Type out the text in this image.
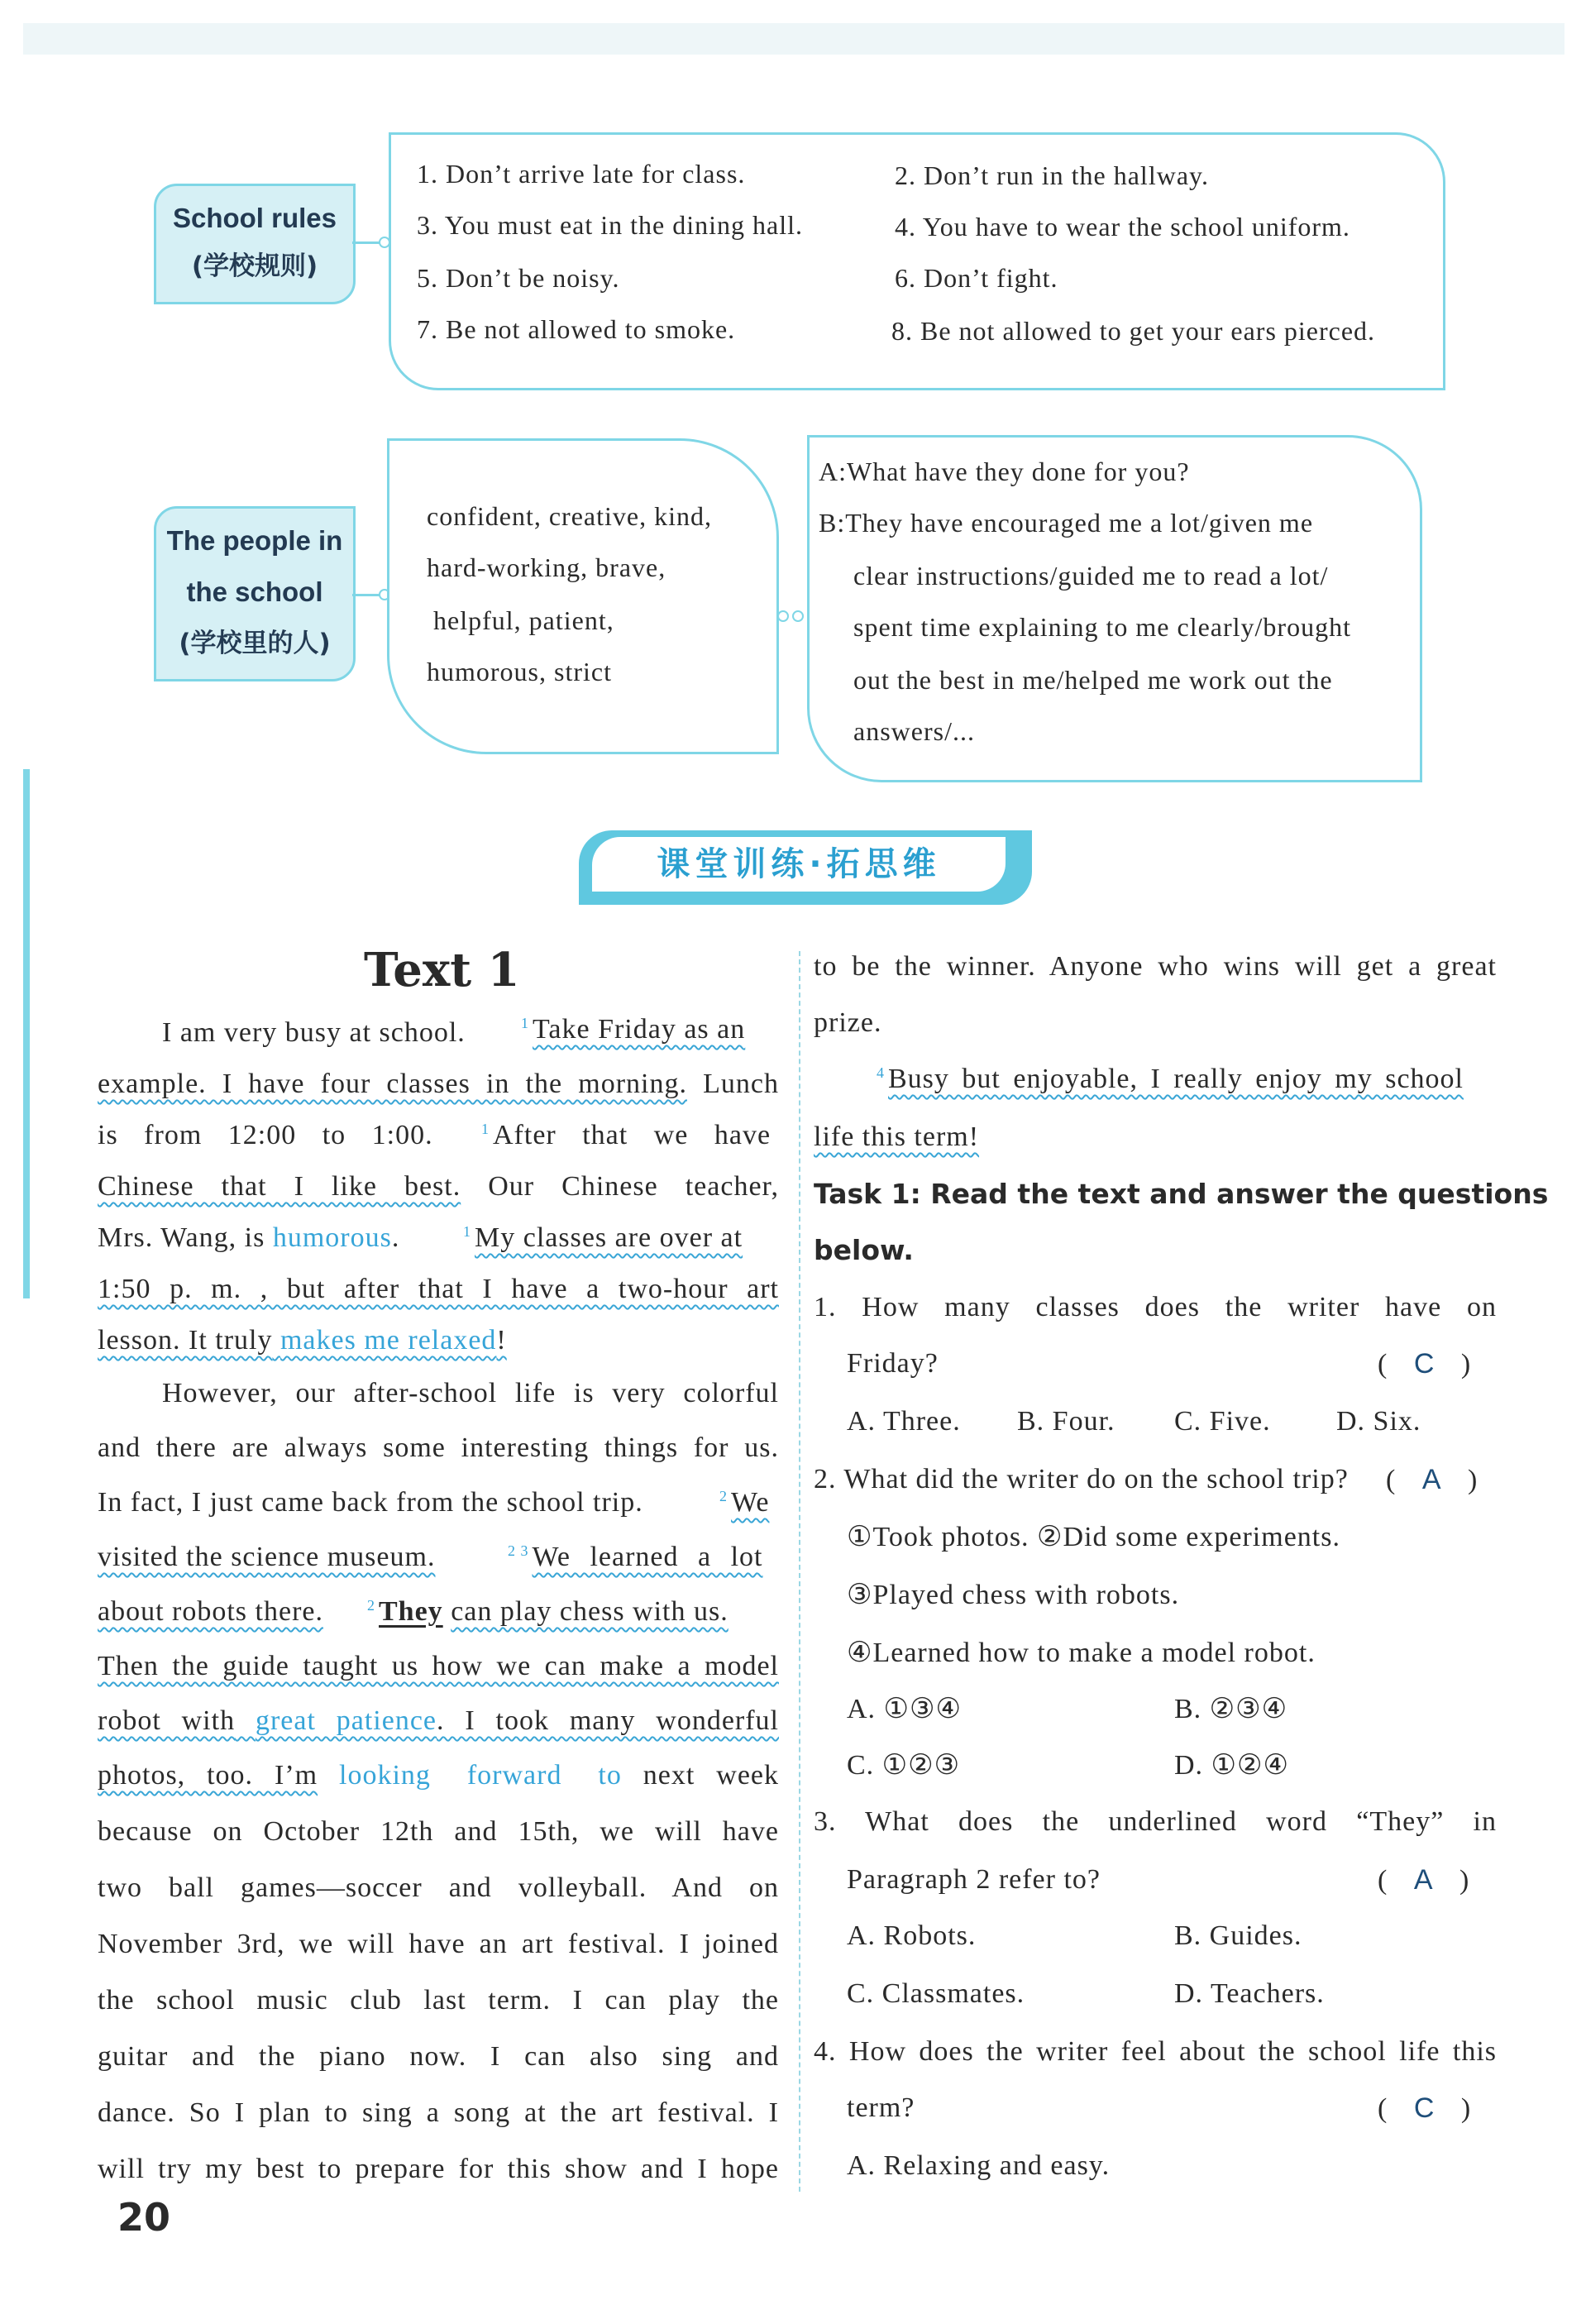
School rules
(学校规则)
1. Don’t arrive late for class.	2. Don’t run in the hallway.
3. You must eat in the dining hall.	4. You have to wear the school uniform.
5. Don’t be noisy.	6. Don’t fight.
7. Be not allowed to smoke.	8. Be not allowed to get your ears pierced.
The people in
the school
(学校里的人)
confident, creative, kind,
hard-working, brave,
helpful, patient,
humorous, strict
A:What have they done for you?
B:They have encouraged me a lot/given me
clear instructions/guided me to read a lot/
spent time explaining to me clearly/brought
out the best in me/helped me work out the
answers/...
课堂训练·拓思维
Text 1
I am very busy at school.	$^1$ Take Friday as an
example. I have four classes in the morning. Lunch
is from 12:00 to 1:00.	$^1$ After that we have
Chinese that I like best. Our Chinese teacher,
Mrs. Wang, is humorous.	$^1$ My classes are over at
1:50 p. m. , but after that I have a two-hour art
lesson. It truly makes me relaxed!
However, our after-school life is very colorful
and there are always some interesting things for us.
In fact, I just came back from the school trip.	$^2$ We
visited the science museum.	$^{2 3}$ We learned a lot
about robots there.	$^2$ They can play chess with us.
Then the guide taught us how we can make a model
robot with great patience. I took many wonderful
photos, too. I’m looking forward to next week
because on October 12th and 15th, we will have
two ball games—soccer and volleyball. And on
November 3rd, we will have an art festival. I joined
the school music club last term. I can play the
guitar and the piano now. I can also sing and
dance. So I plan to sing a song at the art festival. I
will try my best to prepare for this show and I hope
to be the winner. Anyone who wins will get a great
prize.
$^4$ Busy but enjoyable, I really enjoy my school
life this term!
Task 1: Read the text and answer the questions
below.
1. How many classes does the writer have on
Friday?	( C )
A. Three. B. Four. C. Five. D. Six.
2. What did the writer do on the school trip? ( A )
①Took photos. ②Did some experiments.
③Played chess with robots.
④Learned how to make a model robot.
A. ①③④	B. ②③④
C. ①②③	D. ①②④
3. What does the underlined word “They” in
Paragraph 2 refer to?	( A )
A. Robots.	B. Guides.
C. Classmates.	D. Teachers.
4. How does the writer feel about the school life this
term?	( C )
A. Relaxing and easy.
20
